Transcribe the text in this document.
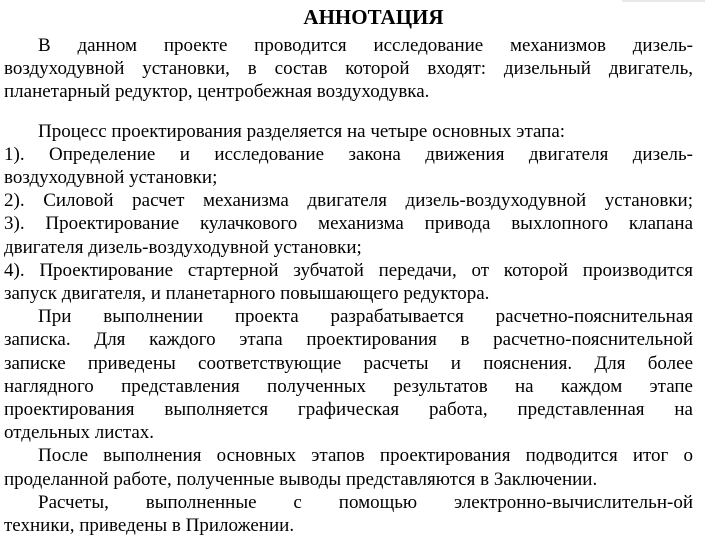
АННОТАЦИЯ
В данном проекте проводится исследование механизмов дизель-
воздуходувной установки, в состав которой входят: дизельный двигатель,
планетарный редуктор, центробежная воздуходувка.
Процесс проектирования разделяется на четыре основных этапа:
1). Определение и исследование закона движения двигателя дизель-
воздуходувной установки;
2). Силовой расчет механизма двигателя дизель-воздуходувной установки;
3). Проектирование кулачкового механизма привода выхлопного клапана
двигателя дизель-воздуходувной установки;
4). Проектирование стартерной зубчатой передачи, от которой производится
запуск двигателя, и планетарного повышающего редуктора.
При выполнении проекта разрабатывается расчетно-пояснительная
записка. Для каждого этапа проектирования в расчетно-пояснительной
записке приведены соответствующие расчеты и пояснения. Для более
наглядного представления полученных результатов на каждом этапе
проектирования выполняется графическая работа, представленная на
отдельных листах.
После выполнения основных этапов проектирования подводится итог о
проделанной работе, полученные выводы представляются в Заключении.
Расчеты, выполненные с помощью электронно-вычислительн-ой
техники, приведены в Приложении.
